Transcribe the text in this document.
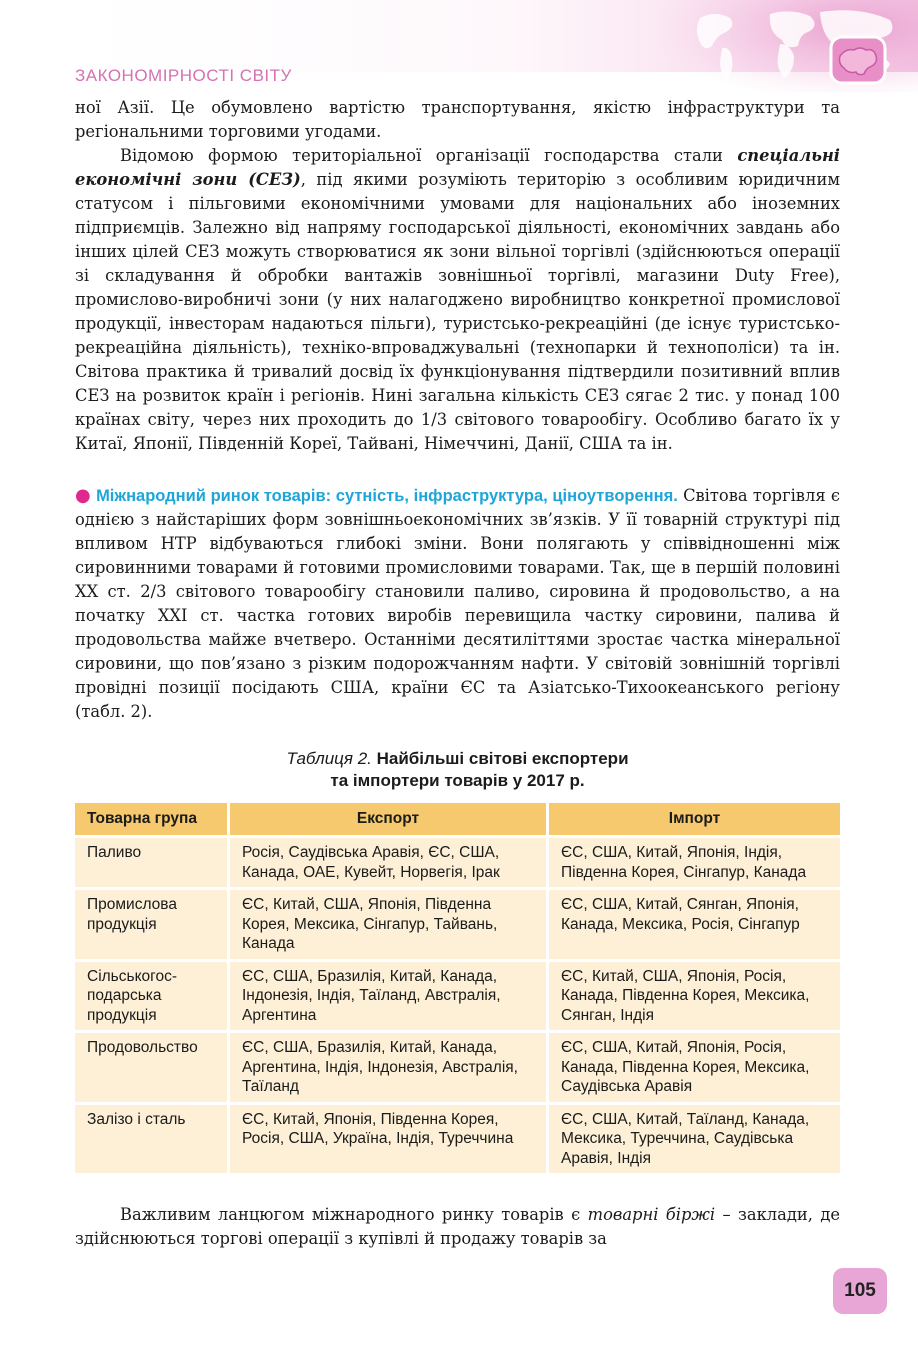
ЗАКОНОМІРНОСТІ СВІТУ

ної Азії. Це обумовлено вартістю транспортування, якістю інфраструктури та регіональними торговими угодами.

Відомою формою територіальної організації господарства стали спеціальні економічні зони (СЕЗ), під якими розуміють територію з особливим юридичним статусом і пільговими економічними умовами для національних або іноземних підприємців. Залежно від напряму господарської діяльності, економічних завдань або інших цілей СЕЗ можуть створюватися як зони вільної торгівлі (здійснюються операції зі складування й обробки вантажів зовнішньої торгівлі, магазини Duty Free), промислово-виробничі зони (у них налагоджено виробництво конкретної промислової продукції, інвесторам надаються пільги), туристсько-рекреаційні (де існує туристсько-рекреаційна діяльність), техніко-впроваджувальні (технопарки й технополіси) та ін. Світова практика й тривалий досвід їх функціонування підтвердили позитивний вплив СЕЗ на розвиток країн і регіонів. Нині загальна кількість СЕЗ сягає 2 тис. у понад 100 країнах світу, через них проходить до 1/3 світового товарообігу. Особливо багато їх у Китаї, Японії, Південній Кореї, Тайвані, Німеччині, Данії, США та ін.

● Міжнародний ринок товарів: сутність, інфраструктура, ціноутворення. Світова торгівля є однією з найстаріших форм зовнішньоекономічних зв’язків. У її товарній структурі під впливом НТР відбуваються глибокі зміни. Вони полягають у співвідношенні між сировинними товарами й готовими промисловими товарами. Так, ще в першій половині XX ст. 2/3 світового товарообігу становили паливо, сировина й продовольство, а на початку XXI ст. частка готових виробів перевищила частку сировини, палива й продовольства майже вчетверо. Останніми десятиліттями зростає частка мінеральної сировини, що пов’язано з різким подорожчанням нафти. У світовій зовнішній торгівлі провідні позиції посідають США, країни ЄС та Азіатсько-Тихоокеанського регіону (табл. 2).

Таблиця 2. Найбільші світові експортери
та імпортери товарів у 2017 р.
Товарна група	Експорт	Імпорт
Паливо	Росія, Саудівська Аравія, ЄС, США, Канада, ОАЕ, Кувейт, Норвегія, Ірак	ЄС, США, Китай, Японія, Індія, Південна Корея, Сінгапур, Канада
Промислова продукція	ЄС, Китай, США, Японія, Південна Корея, Мексика, Сінгапур, Тайвань, Канада	ЄС, США, Китай, Сянган, Японія, Канада, Мексика, Росія, Сінгапур
Сільськогос-подарська продукція	ЄС, США, Бразилія, Китай, Канада, Індонезія, Індія, Таїланд, Австралія, Аргентина	ЄС, Китай, США, Японія, Росія, Канада, Південна Корея, Мексика, Сянган, Індія
Продовольство	ЄС, США, Бразилія, Китай, Канада, Аргентина, Індія, Індонезія, Австралія, Таїланд	ЄС, США, Китай, Японія, Росія, Канада, Південна Корея, Мексика, Саудівська Аравія
Залізо і сталь	ЄС, Китай, Японія, Південна Корея, Росія, США, Україна, Індія, Туреччина	ЄС, США, Китай, Таїланд, Канада, Мексика, Туреччина, Саудівська Аравія, Індія

Важливим ланцюгом міжнародного ринку товарів є товарні біржі – заклади, де здійснюються торгові операції з купівлі й продажу товарів за

105
